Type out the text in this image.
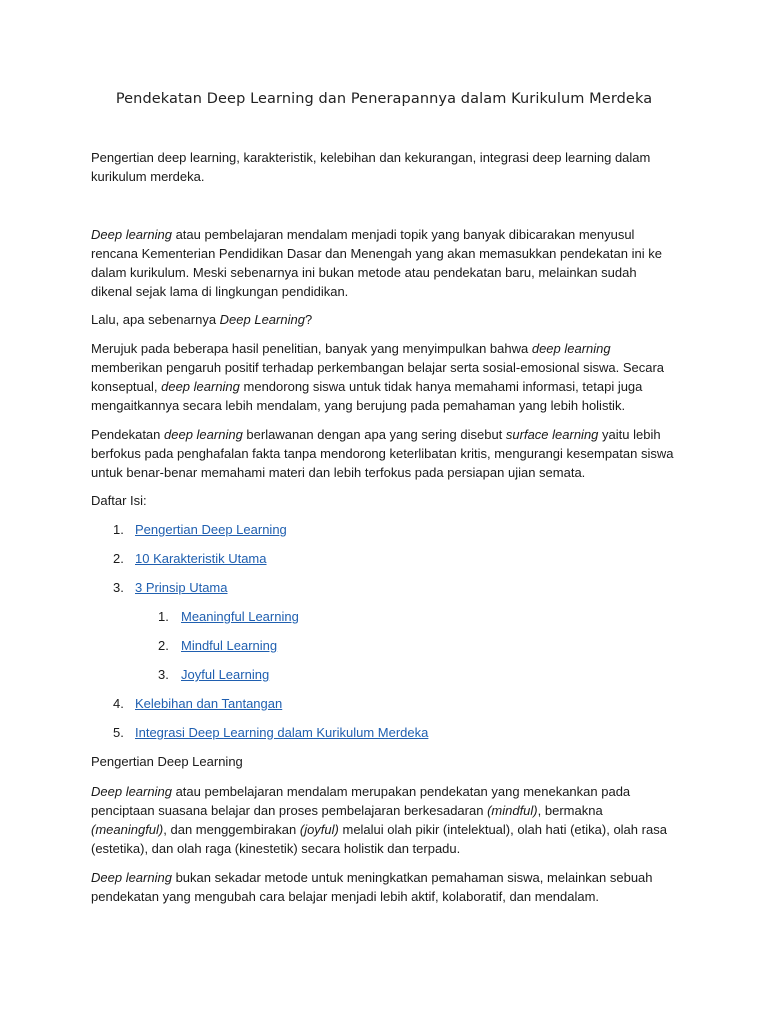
Pendekatan Deep Learning dan Penerapannya dalam Kurikulum Merdeka
Pengertian deep learning, karakteristik, kelebihan dan kekurangan, integrasi deep learning dalam kurikulum merdeka.
Deep learning atau pembelajaran mendalam menjadi topik yang banyak dibicarakan menyusul rencana Kementerian Pendidikan Dasar dan Menengah yang akan memasukkan pendekatan ini ke dalam kurikulum. Meski sebenarnya ini bukan metode atau pendekatan baru, melainkan sudah dikenal sejak lama di lingkungan pendidikan.
Lalu, apa sebenarnya Deep Learning?
Merujuk pada beberapa hasil penelitian, banyak yang menyimpulkan bahwa deep learning memberikan pengaruh positif terhadap perkembangan belajar serta sosial-emosional siswa. Secara konseptual, deep learning mendorong siswa untuk tidak hanya memahami informasi, tetapi juga mengaitkannya secara lebih mendalam, yang berujung pada pemahaman yang lebih holistik.
Pendekatan deep learning berlawanan dengan apa yang sering disebut surface learning yaitu lebih berfokus pada penghafalan fakta tanpa mendorong keterlibatan kritis, mengurangi kesempatan siswa untuk benar-benar memahami materi dan lebih terfokus pada persiapan ujian semata.
Daftar Isi:
1. Pengertian Deep Learning
2. 10 Karakteristik Utama
3. 3 Prinsip Utama
1. Meaningful Learning
2. Mindful Learning
3. Joyful Learning
4. Kelebihan dan Tantangan
5. Integrasi Deep Learning dalam Kurikulum Merdeka
Pengertian Deep Learning
Deep learning atau pembelajaran mendalam merupakan pendekatan yang menekankan pada penciptaan suasana belajar dan proses pembelajaran berkesadaran (mindful), bermakna (meaningful), dan menggembirakan (joyful) melalui olah pikir (intelektual), olah hati (etika), olah rasa (estetika), dan olah raga (kinestetik) secara holistik dan terpadu.
Deep learning bukan sekadar metode untuk meningkatkan pemahaman siswa, melainkan sebuah pendekatan yang mengubah cara belajar menjadi lebih aktif, kolaboratif, dan mendalam.
